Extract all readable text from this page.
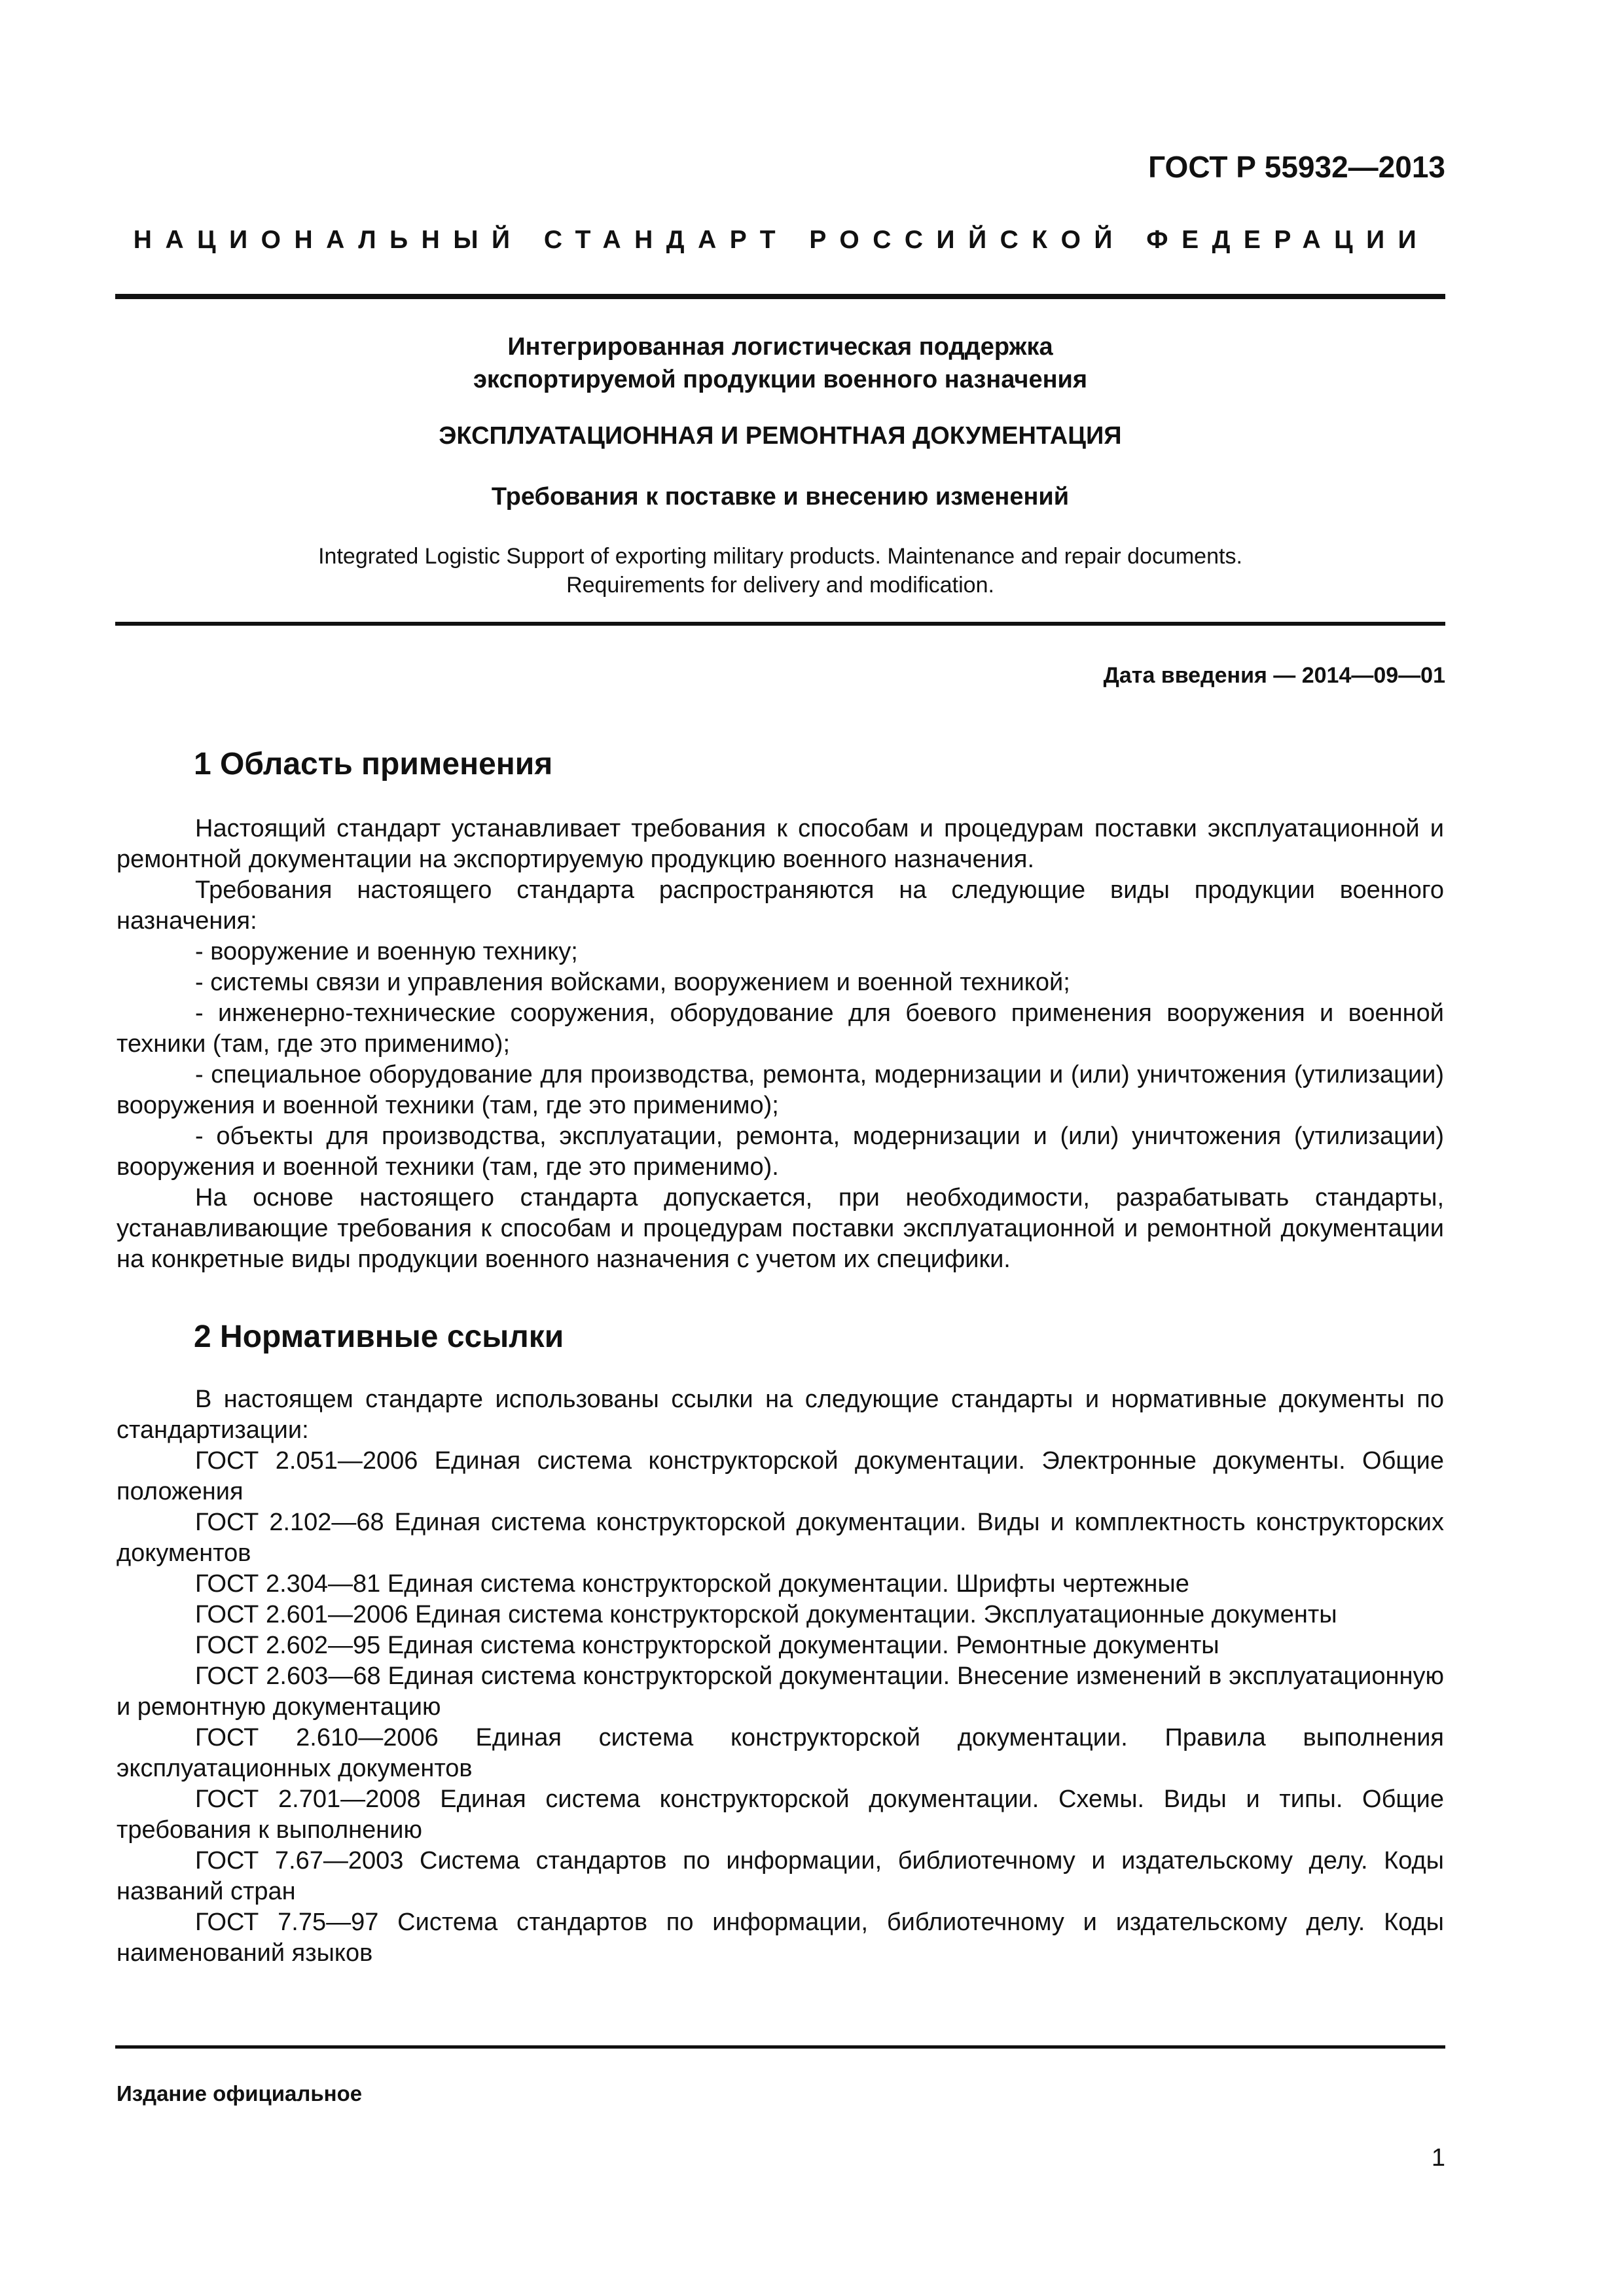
ГОСТ Р 55932—2013
НАЦИОНАЛЬНЫЙ СТАНДАРТ РОССИЙСКОЙ ФЕДЕРАЦИИ
Интегрированная логистическая поддержка
экспортируемой продукции военного назначения
ЭКСПЛУАТАЦИОННАЯ И РЕМОНТНАЯ ДОКУМЕНТАЦИЯ
Требования к поставке и внесению изменений
Integrated Logistic Support of exporting military products. Maintenance and repair documents.
Requirements for delivery and modification.
Дата введения — 2014—09—01
1 Область применения

Настоящий стандарт устанавливает требования к способам и процедурам поставки эксплуатационной и ремонтной документации на экспортируемую продукцию военного назначения.

Требования настоящего стандарта распространяются на следующие виды продукции военного назначения:

- вооружение и военную технику;

- системы связи и управления войсками, вооружением и военной техникой;

- инженерно-технические сооружения, оборудование для боевого применения вооружения и военной техники (там, где это применимо);

- специальное оборудование для производства, ремонта, модернизации и (или) уничтожения (утилизации) вооружения и военной техники (там, где это применимо);

- объекты для производства, эксплуатации, ремонта, модернизации и (или) уничтожения (утилизации) вооружения и военной техники (там, где это применимо).

На основе настоящего стандарта допускается, при необходимости, разрабатывать стандарты, устанавливающие требования к способам и процедурам поставки эксплуатационной и ремонтной документации на конкретные виды продукции военного назначения с учетом их специфики.

2 Нормативные ссылки

В настоящем стандарте использованы ссылки на следующие стандарты и нормативные документы по стандартизации:

ГОСТ 2.051—2006 Единая система конструкторской документации. Электронные документы. Общие положения

ГОСТ 2.102—68 Единая система конструкторской документации. Виды и комплектность конструкторских документов

ГОСТ 2.304—81 Единая система конструкторской документации. Шрифты чертежные

ГОСТ 2.601—2006 Единая система конструкторской документации. Эксплуатационные документы

ГОСТ 2.602—95 Единая система конструкторской документации. Ремонтные документы

ГОСТ 2.603—68 Единая система конструкторской документации. Внесение изменений в эксплуатационную и ремонтную документацию

ГОСТ 2.610—2006 Единая система конструкторской документации. Правила выполнения эксплуатационных документов

ГОСТ 2.701—2008 Единая система конструкторской документации. Схемы. Виды и типы. Общие требования к выполнению

ГОСТ 7.67—2003 Система стандартов по информации, библиотечному и издательскому делу. Коды названий стран

ГОСТ 7.75—97 Система стандартов по информации, библиотечному и издательскому делу. Коды наименований языков

Издание официальное
1
